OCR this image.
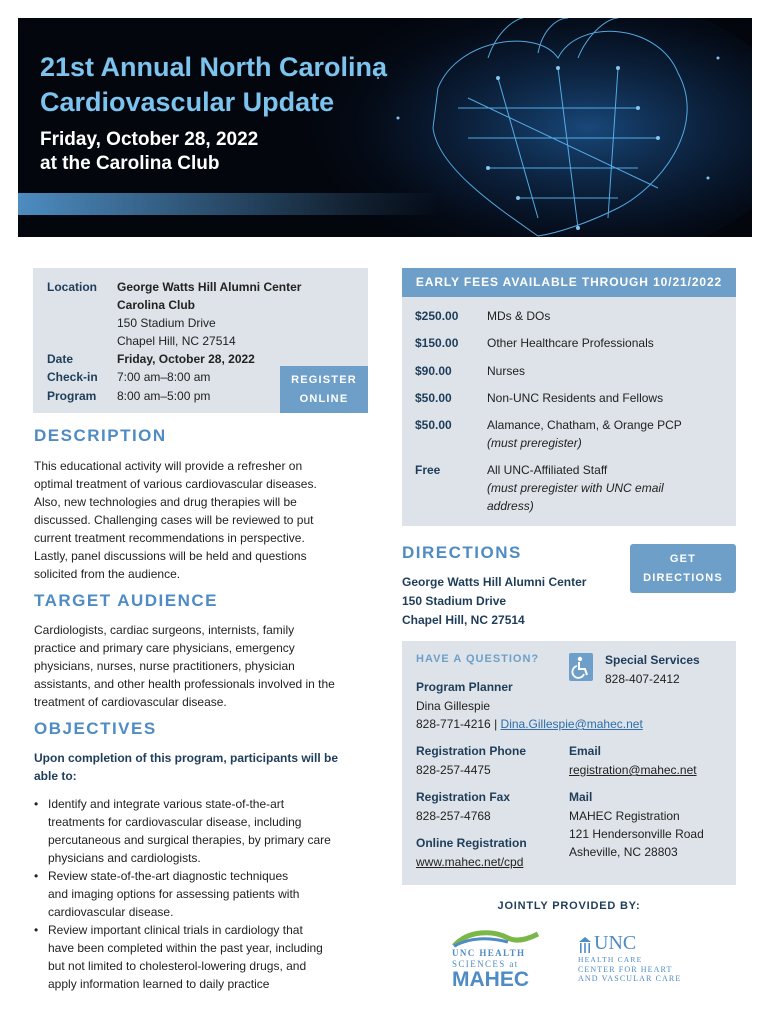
21st Annual North Carolina
Cardiovascular Update
Friday, October 28, 2022
at the Carolina Club
Location George Watts Hill Alumni Center
Carolina Club
150 Stadium Drive
Chapel Hill, NC 27514
Date	Friday, October 28, 2022
Check-in 7:00 am–8:00 am
Program 8:00 am–5:00 pm
REGISTER
ONLINE
DESCRIPTION

This educational activity will provide a refresher on
optimal treatment of various cardiovascular diseases.
Also, new technologies and drug therapies will be
discussed. Challenging cases will be reviewed to put
current treatment recommendations in perspective.
Lastly, panel discussions will be held and questions
solicited from the audience.

TARGET AUDIENCE

Cardiologists, cardiac surgeons, internists, family
practice and primary care physicians, emergency
physicians, nurses, nurse practitioners, physician
assistants, and other health professionals involved in the
treatment of cardiovascular disease.

OBJECTIVES

Upon completion of this program, participants will be
able to:

• Identify and integrate various state-of-the-art
treatments for cardiovascular disease, including
percutaneous and surgical therapies, by primary care
physicians and cardiologists.
• Review state-of-the-art diagnostic techniques
and imaging options for assessing patients with
cardiovascular disease.
• Review important clinical trials in cardiology that
have been completed within the past year, including
but not limited to cholesterol-lowering drugs, and
apply information learned to daily practice
EARLY FEES AVAILABLE THROUGH 10/21/2022
$250.00 MDs & DOs
$150.00 Other Healthcare Professionals
$90.00	Nurses
$50.00	Non-UNC Residents and Fellows
$50.00	Alamance, Chatham, & Orange PCP
(must preregister)
Free	All UNC-Affiliated Staff
(must preregister with UNC email
address)
DIRECTIONS	GET
DIRECTIONS
George Watts Hill Alumni Center
150 Stadium Drive
Chapel Hill, NC 27514
HAVE A QUESTION?	Special Services
828-407-2412
Program Planner
Dina Gillespie
828-771-4216 | Dina.Gillespie@mahec.net
Registration Phone
828-257-4475
Email
registration@mahec.net
Registration Fax
828-257-4768
Mail
MAHEC Registration
121 Hendersonville Road
Asheville, NC 28803
Online Registration
www.mahec.net/cpd
JOINTLY PROVIDED BY:
UNC HEALTH
SCIENCES at
MAHEC
UNC
HEALTH CARE
CENTER FOR HEART
AND VASCULAR CARE
